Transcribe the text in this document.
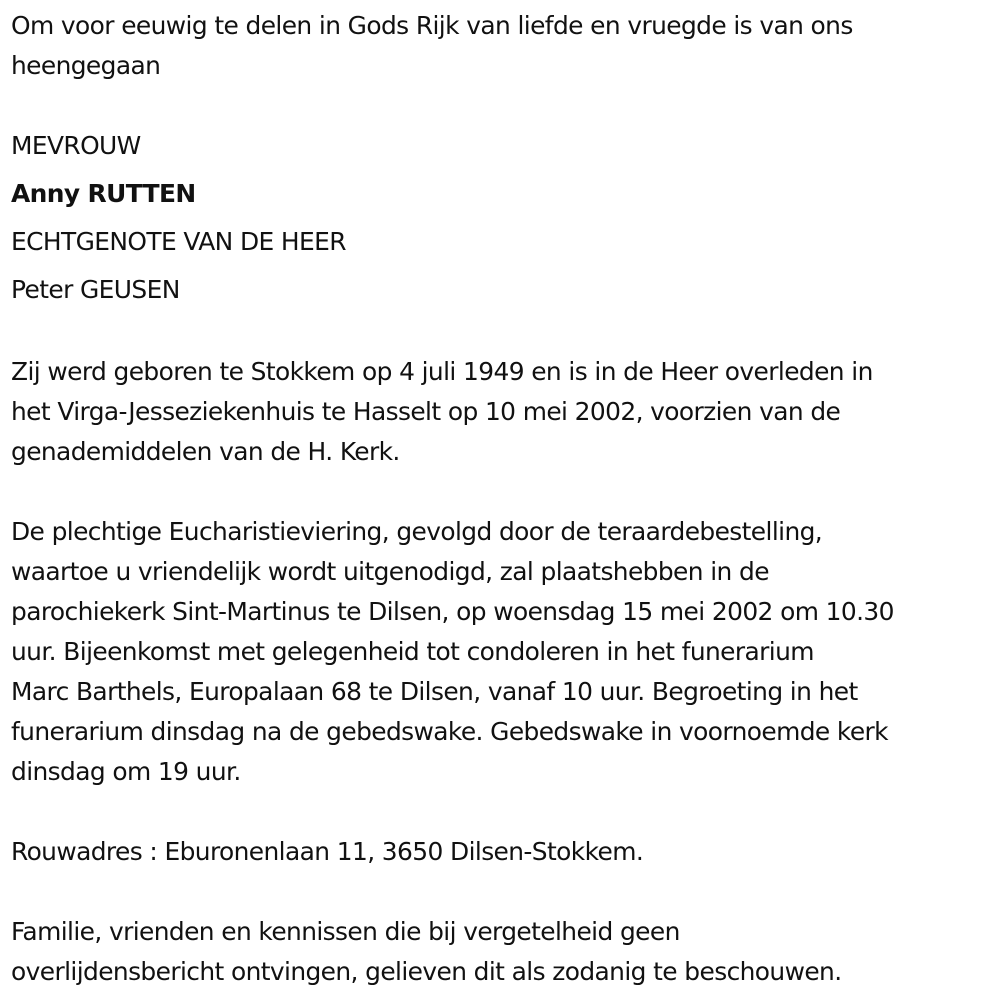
Om voor eeuwig te delen in Gods Rijk van liefde en vruegde is van ons
heengegaan
MEVROUW
Anny RUTTEN
ECHTGENOTE VAN DE HEER
Peter GEUSEN
Zij werd geboren te Stokkem op 4 juli 1949 en is in de Heer overleden in
het Virga-Jesseziekenhuis te Hasselt op 10 mei 2002, voorzien van de
genademiddelen van de H. Kerk.
De plechtige Eucharistieviering, gevolgd door de teraardebestelling,
waartoe u vriendelijk wordt uitgenodigd, zal plaatshebben in de
parochiekerk Sint-Martinus te Dilsen, op woensdag 15 mei 2002 om 10.30
uur. Bijeenkomst met gelegenheid tot condoleren in het funerarium
Marc Barthels, Europalaan 68 te Dilsen, vanaf 10 uur. Begroeting in het
funerarium dinsdag na de gebedswake. Gebedswake in voornoemde kerk
dinsdag om 19 uur.
Rouwadres : Eburonenlaan 11, 3650 Dilsen-Stokkem.
Familie, vrienden en kennissen die bij vergetelheid geen
overlijdensbericht ontvingen, gelieven dit als zodanig te beschouwen.
